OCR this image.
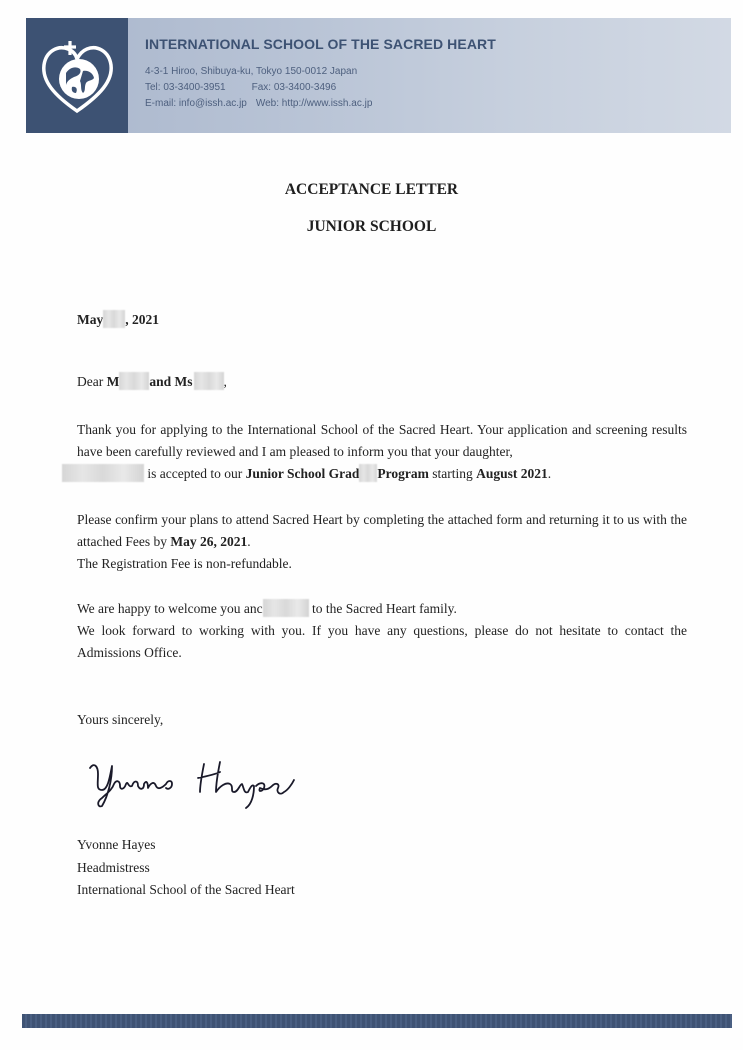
INTERNATIONAL SCHOOL OF THE SACRED HEART
4-3-1 Hiroo, Shibuya-ku, Tokyo 150-0012 Japan
Tel: 03-3400-3951	Fax: 03-3400-3496
E-mail: info@issh.ac.jp Web: http://www.issh.ac.jp
ACCEPTANCE LETTER
JUNIOR SCHOOL
May , 2021
Dear M and Ms ,
Thank you for applying to the International School of the Sacred Heart. Your application and screening results have been carefully reviewed and I am pleased to inform you that your daughter,
is accepted to our Junior School Grad Program starting August 2021.
Please confirm your plans to attend Sacred Heart by completing the attached form and returning it to us with the attached Fees by May 26, 2021.
The Registration Fee is non-refundable.
We are happy to welcome you anc	to the Sacred Heart family.
We look forward to working with you. If you have any questions, please do not hesitate to contact the Admissions Office.
Yours sincerely,
Yvonne Hayes
Headmistress
International School of the Sacred Heart
